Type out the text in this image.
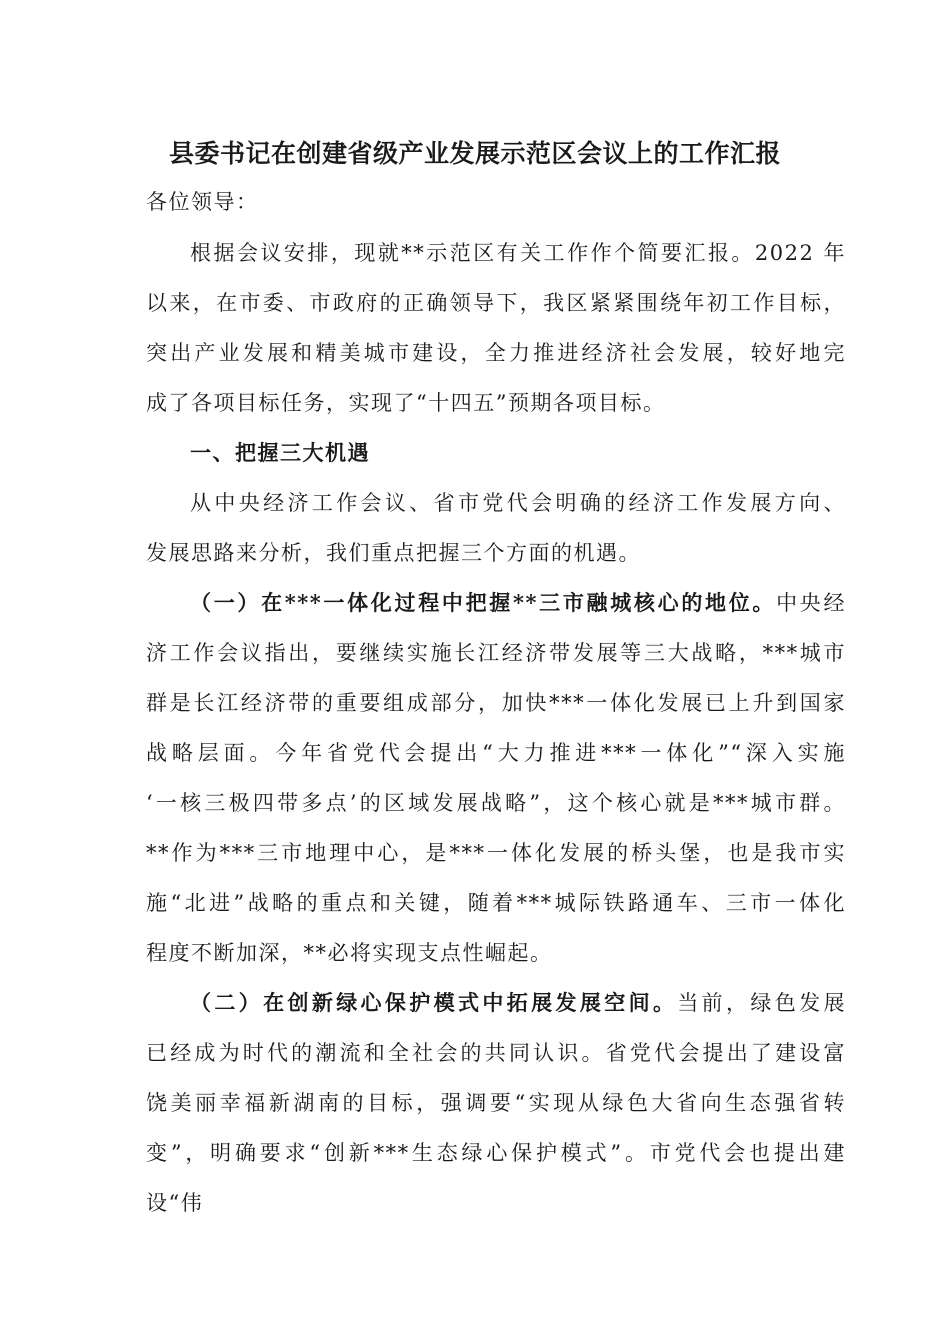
县委书记在创建省级产业发展示范区会议上的工作汇报
各位领导：
根据会议安排，现就**示范区有关工作作个简要汇报。2022 年
以来，在市委、市政府的正确领导下，我区紧紧围绕年初工作目标，
突出产业发展和精美城市建设，全力推进经济社会发展，较好地完
成了各项目标任务，实现了“十四五”预期各项目标。
一、把握三大机遇
从中央经济工作会议、省市党代会明确的经济工作发展方向、
发展思路来分析，我们重点把握三个方面的机遇。
（一）在***一体化过程中把握**三市融城核心的地位。中央经
济工作会议指出，要继续实施长江经济带发展等三大战略，***城市
群是长江经济带的重要组成部分，加快***一体化发展已上升到国家
战略层面。今年省党代会提出“大力推进***一体化”“深入实施
‘一核三极四带多点’的区域发展战略”，这个核心就是***城市群。
**作为***三市地理中心，是***一体化发展的桥头堡，也是我市实
施“北进”战略的重点和关键，随着***城际铁路通车、三市一体化
程度不断加深，**必将实现支点性崛起。
（二）在创新绿心保护模式中拓展发展空间。当前，绿色发展
已经成为时代的潮流和全社会的共同认识。省党代会提出了建设富
饶美丽幸福新湖南的目标，强调要“实现从绿色大省向生态强省转
变”，明确要求“创新***生态绿心保护模式”。市党代会也提出建
设“伟
